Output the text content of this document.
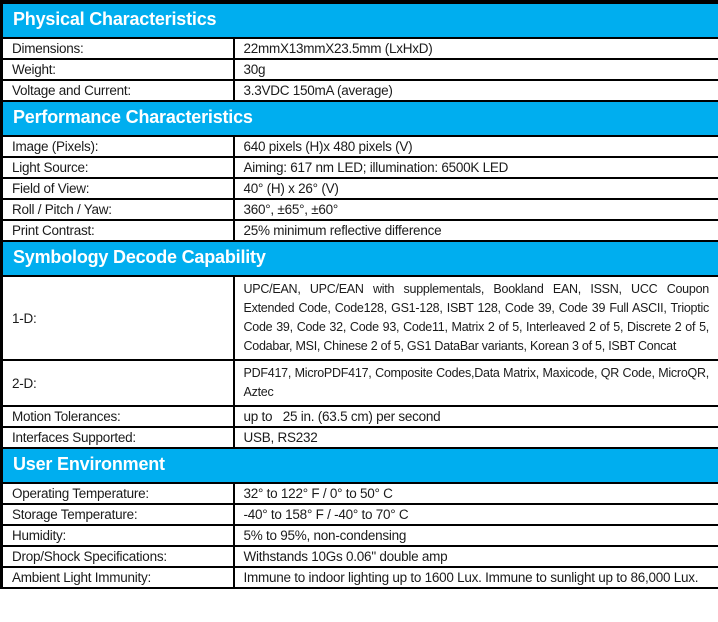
Physical Characteristics	
Dimensions:	22mmX13mmX23.5mm (LxHxD)
Weight:	30g
Voltage and Current:	3.3VDC 150mA (average)
Performance Characteristics	
Image (Pixels):	640 pixels (H)x 480 pixels (V)
Light Source:	Aiming: 617 nm LED; illumination: 6500K LED
Field of View:	40° (H) x 26° (V)
Roll / Pitch / Yaw:	360°, ±65°, ±60°
Print Contrast:	25% minimum reflective difference
Symbology Decode Capability	
1-D:	UPC/EAN, UPC/EAN with supplementals, Bookland EAN, ISSN, UCC Coupon Extended Code, Code128, GS1-128, ISBT 128, Code 39, Code 39 Full ASCII, Trioptic Code 39, Code 32, Code 93, Code11, Matrix 2 of 5, Interleaved 2 of 5, Discrete 2 of 5, Codabar, MSI, Chinese 2 of 5, GS1 DataBar variants, Korean 3 of 5, ISBT Concat
2-D:	PDF417, MicroPDF417, Composite Codes,Data Matrix, Maxicode, QR Code, MicroQR, Aztec
Motion Tolerances:	up to   25 in. (63.5 cm) per second
Interfaces Supported:	USB, RS232
User Environment	
Operating Temperature:	32° to 122° F / 0° to 50° C
Storage Temperature:	-40° to 158° F / -40° to 70° C
Humidity:	5% to 95%, non-condensing
Drop/Shock Specifications:	Withstands 10Gs 0.06" double amp
Ambient Light Immunity:	Immune to indoor lighting up to 1600 Lux. Immune to sunlight up to 86,000 Lux.
